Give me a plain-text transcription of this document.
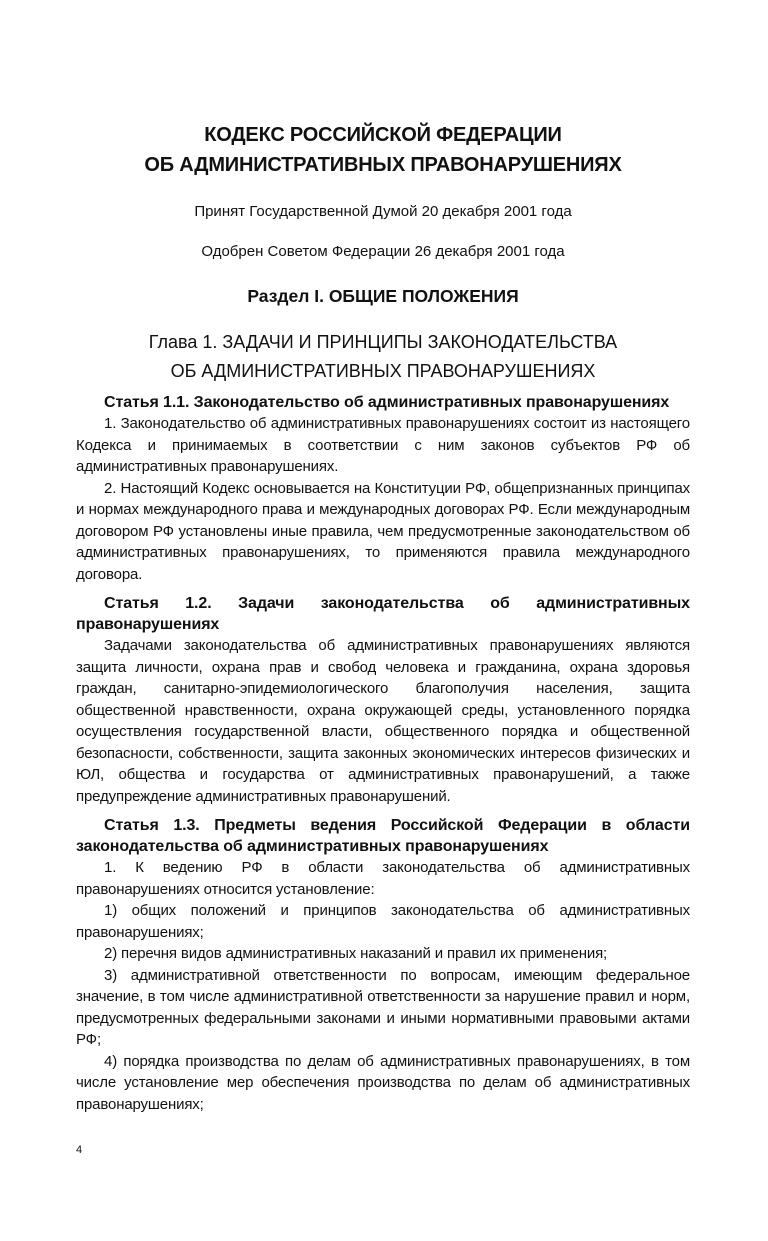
КОДЕКС РОССИЙСКОЙ ФЕДЕРАЦИИ
ОБ АДМИНИСТРАТИВНЫХ ПРАВОНАРУШЕНИЯХ
Принят Государственной Думой 20 декабря 2001 года
Одобрен Советом Федерации 26 декабря 2001 года
Раздел I. ОБЩИЕ ПОЛОЖЕНИЯ
Глава 1. ЗАДАЧИ И ПРИНЦИПЫ ЗАКОНОДАТЕЛЬСТВА
ОБ АДМИНИСТРАТИВНЫХ ПРАВОНАРУШЕНИЯХ
Статья 1.1. Законодательство об административных правонарушениях

1. Законодательство об административных правонарушениях состоит из настоящего Кодекса и принимаемых в соответствии с ним законов субъектов РФ об административных правонарушениях.

2. Настоящий Кодекс основывается на Конституции РФ, общепризнанных принципах и нормах международного права и международных договорах РФ. Если международным договором РФ установлены иные правила, чем предусмотренные законодательством об административных правонарушениях, то применяются правила международного договора.

Статья 1.2. Задачи законодательства об административных правонарушениях

Задачами законодательства об административных правонарушениях являются защита личности, охрана прав и свобод человека и гражданина, охрана здоровья граждан, санитарно-эпидемиологического благополучия населения, защита общественной нравственности, охрана окружающей среды, установленного порядка осуществления государственной власти, общественного порядка и общественной безопасности, собственности, защита законных экономических интересов физических и ЮЛ, общества и государства от административных правонарушений, а также предупреждение административных правонарушений.

Статья 1.3. Предметы ведения Российской Федерации в области законодательства об административных правонарушениях

1. К ведению РФ в области законодательства об административных правонарушениях относится установление:

1) общих положений и принципов законодательства об административных правонарушениях;

2) перечня видов административных наказаний и правил их применения;

3) административной ответственности по вопросам, имеющим федеральное значение, в том числе административной ответственности за нарушение правил и норм, предусмотренных федеральными законами и иными нормативными правовыми актами РФ;

4) порядка производства по делам об административных правонарушениях, в том числе установление мер обеспечения производства по делам об административных правонарушениях;

4
